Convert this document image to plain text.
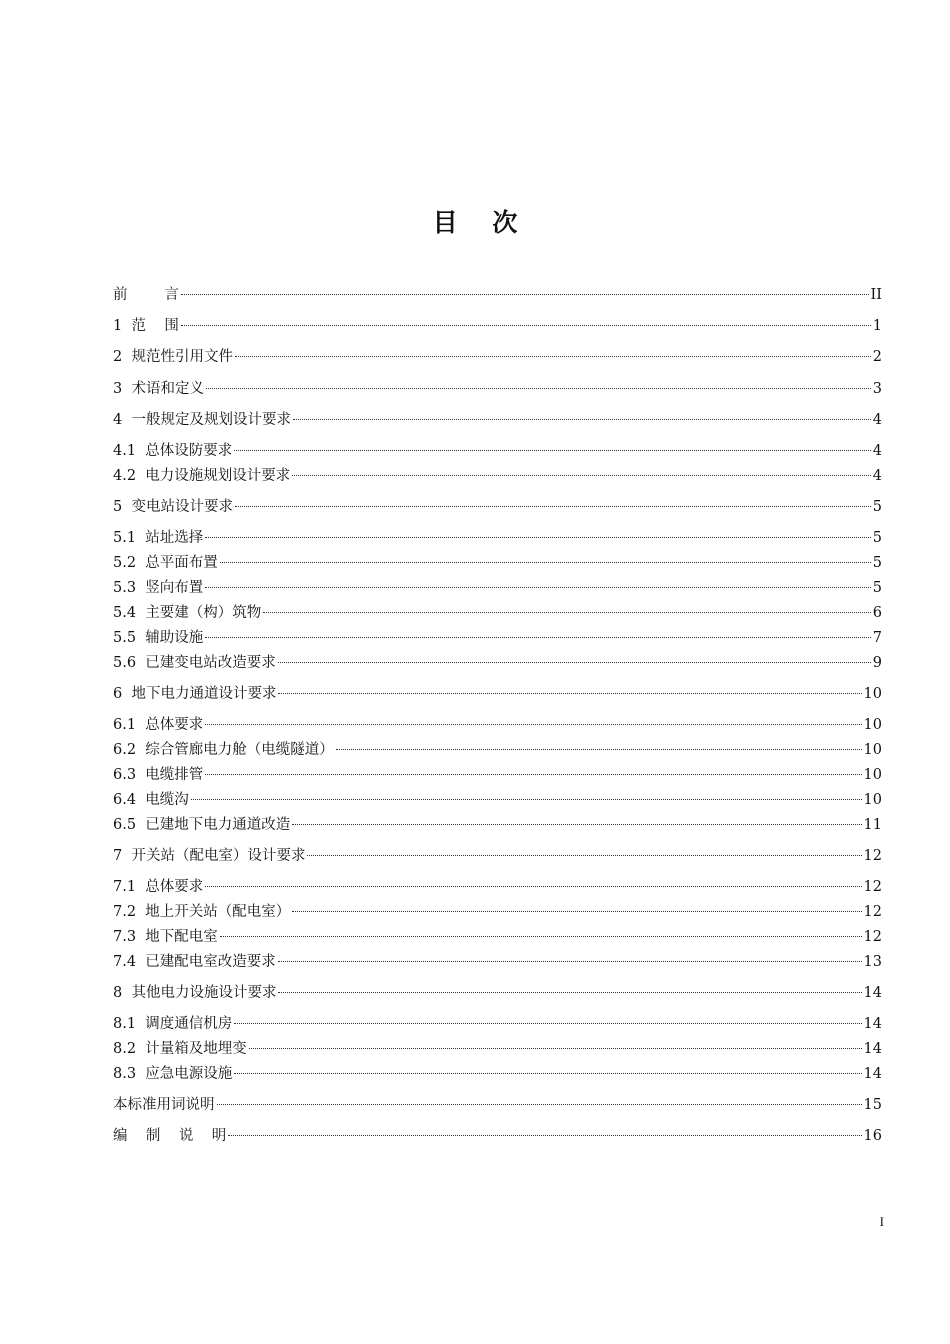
目    次
前        言	II
1  范    围	1
2  规范性引用文件	2
3  术语和定义	3
4  一般规定及规划设计要求	4
4.1  总体设防要求	4
4.2  电力设施规划设计要求	4
5  变电站设计要求	5
5.1  站址选择	5
5.2  总平面布置	5
5.3  竖向布置	5
5.4  主要建（构）筑物	6
5.5  辅助设施	7
5.6  已建变电站改造要求	9
6  地下电力通道设计要求	10
6.1  总体要求	10
6.2  综合管廊电力舱（电缆隧道）	10
6.3  电缆排管	10
6.4  电缆沟	10
6.5  已建地下电力通道改造	11
7  开关站（配电室）设计要求	12
7.1  总体要求	12
7.2  地上开关站（配电室）	12
7.3  地下配电室	12
7.4  已建配电室改造要求	13
8  其他电力设施设计要求	14
8.1  调度通信机房	14
8.2  计量箱及地埋变	14
8.3  应急电源设施	14
本标准用词说明	15
编    制    说    明	16
I
